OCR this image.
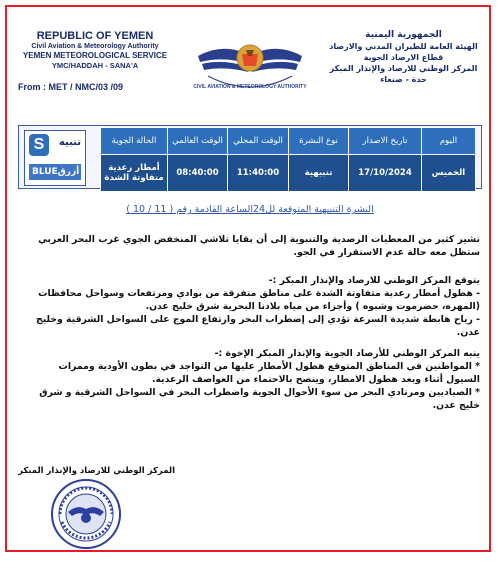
REPUBLIC OF YEMEN
Civil Aviation & Meteorology Authority
YEMEN METEOROLOGICAL SERVICE
YMC/HADDAH - SANA'A
From : MET / NMC/03 /09	CIVIL AVIATION & METEOROLOGY AUTHORITY
الجمهورية اليمنية
الهيئة العامة للطيران المدني والارصاد
قطاع الارصاد الجوية
المركز الوطني للارصاد والإنذار المبكر
حدة - صنعاء
اليوم	تاريخ الاصدار	نوع النشرة	الوقت المحلي	الوقت العالمي	الحالة الجوية
الخميس	17/10/2024	تنبيهية	11:40:00	08:40:00	أمطار رعدية متفاوتة الشدة
S	تنبيه
BLUE أزرق
النشرة التنبيهية المتوقعة لل24الساعة القادمة رقم ( 11 / 10 )
تشير كثير من المعطيات الرصدية والتنبوية إلى أن بقايا تلاشي المنخفض الجوي غرب البحر العربي ستظل معه حالة عدم الاستقرار في الجو.
يتوقع المركز الوطني للارصاد والإنذار المبكر :-
- هطول أمطار رعدية متفاوتة الشدة على مناطق متفرقة من بوادي ومرتفعات وسواحل محافظات (المهره، حضرموت وشبوه ) وأجزاء من مياه بلادنا البحرية شرق خليج عدن.
- رياح هابطة شديدة السرعة تؤدي إلى إضطراب البحر وارتفاع الموج على السواحل الشرقية وخليج عدن.
ينبه المركز الوطني للأرصاد الجوية والإنذار المبكر الإخوة :-
* المواطنين في المناطق المتوقع هطول الأمطار عليها من التواجد في بطون الأودية وممرات السيول أثناء وبعد هطول الامطار، وينصح بالاحتماء من العواصف الرعدية.
* الصياديين ومرتادي البحر من سوء الأحوال الجوية واضطراب البحر في السواحل الشرقية و شرق خليج عدن.
المركز الوطني للارصاد والإنذار المبكر
